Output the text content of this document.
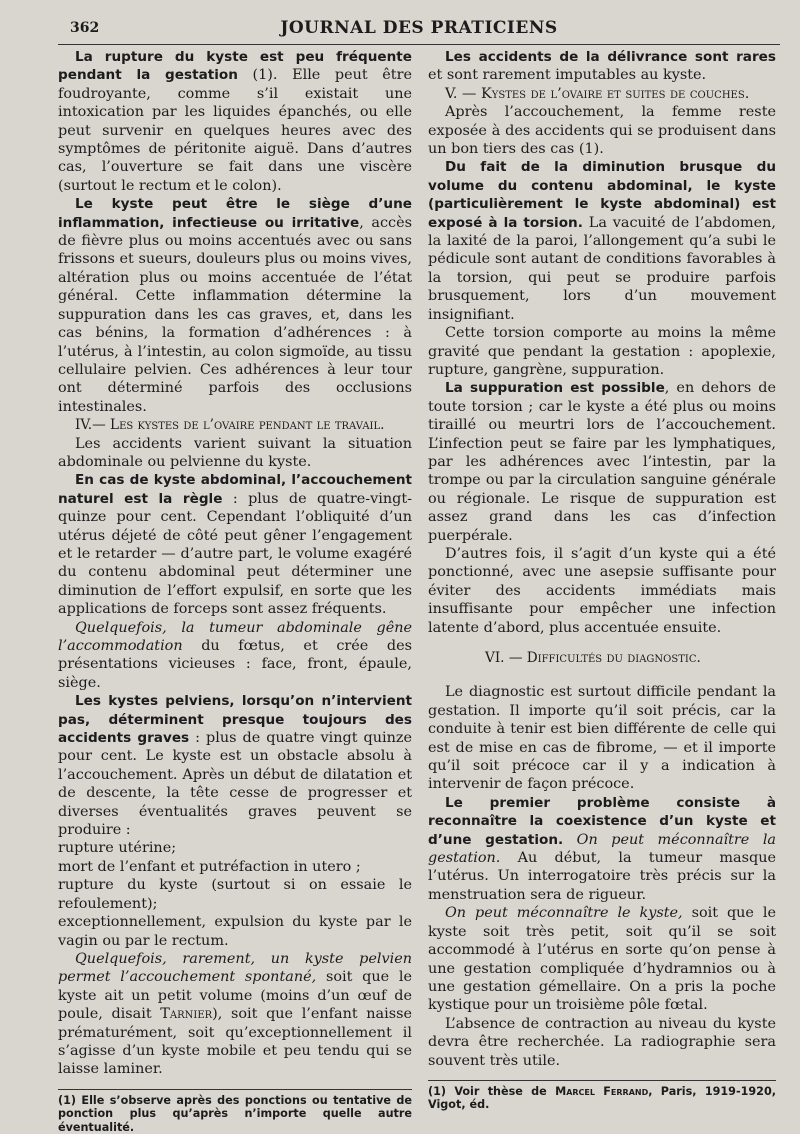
362	JOURNAL DES PRATICIENS

La rupture du kyste est peu fréquente pendant la gestation (1). Elle peut être foudroyante, comme s’il existait une intoxication par les liquides épanchés, ou elle peut survenir en quelques heures avec des symptômes de péritonite aiguë. Dans d’autres cas, l’ouverture se fait dans une viscère (surtout le rectum et le colon).

Le kyste peut être le siège d’une inflammation, infectieuse ou irritative, accès de fièvre plus ou moins accentués avec ou sans frissons et sueurs, douleurs plus ou moins vives, altération plus ou moins accentuée de l’état général. Cette inflammation détermine la suppuration dans les cas graves, et, dans les cas bénins, la formation d’adhérences : à l’utérus, à l’intestin, au colon sigmoïde, au tissu cellulaire pelvien. Ces adhérences à leur tour ont déterminé parfois des occlusions intestinales.

IV.— Les kystes de l’ovaire pendant le travail.

Les accidents varient suivant la situation abdominale ou pelvienne du kyste.

En cas de kyste abdominal, l’accouchement naturel est la règle : plus de quatre-vingt-quinze pour cent. Cependant l’obliquité d’un utérus déjeté de côté peut gêner l’engagement et le retarder — d’autre part, le volume exagéré du contenu abdominal peut déterminer une diminution de l’effort expulsif, en sorte que les applications de forceps sont assez fréquents.

Quelquefois, la tumeur abdominale gêne l’accommodation du fœtus, et crée des présentations vicieuses : face, front, épaule, siège.

Les kystes pelviens, lorsqu’on n’intervient pas, déterminent presque toujours des accidents graves : plus de quatre vingt quinze pour cent. Le kyste est un obstacle absolu à l’accouchement. Après un début de dilatation et de descente, la tête cesse de progresser et diverses éventualités graves peuvent se produire :

rupture utérine;

mort de l’enfant et putréfaction in utero ;

rupture du kyste (surtout si on essaie le refoulement);

exceptionnellement, expulsion du kyste par le vagin ou par le rectum.

Quelquefois, rarement, un kyste pelvien permet l’accouchement spontané, soit que le kyste ait un petit volume (moins d’un œuf de poule, disait Tarnier), soit que l’enfant naisse prématurément, soit qu’exceptionnellement il s’agisse d’un kyste mobile et peu tendu qui se laisse laminer.

(1) Elle s’observe après des ponctions ou tentative de ponction plus qu’après n’importe quelle autre éventualité.

Les accidents de la délivrance sont rares et sont rarement imputables au kyste.

V. — Kystes de l’ovaire et suites de couches.

Après l’accouchement, la femme reste exposée à des accidents qui se produisent dans un bon tiers des cas (1).

Du fait de la diminution brusque du volume du contenu abdominal, le kyste (particulièrement le kyste abdominal) est exposé à la torsion. La vacuité de l’abdomen, la laxité de la paroi, l’allongement qu’a subi le pédicule sont autant de conditions favorables à la torsion, qui peut se produire parfois brusquement, lors d’un mouvement insignifiant.

Cette torsion comporte au moins la même gravité que pendant la gestation : apoplexie, rupture, gangrène, suppuration.

La suppuration est possible, en dehors de toute torsion ; car le kyste a été plus ou moins tiraillé ou meurtri lors de l’accouchement. L’infection peut se faire par les lymphatiques, par les adhérences avec l’intestin, par la trompe ou par la circulation sanguine générale ou régionale. Le risque de suppuration est assez grand dans les cas d’infection puerpérale.

D’autres fois, il s’agit d’un kyste qui a été ponctionné, avec une asepsie suffisante pour éviter des accidents immédiats mais insuffisante pour empêcher une infection latente d’abord, plus accentuée ensuite.

VI. — Difficultés du diagnostic.

Le diagnostic est surtout difficile pendant la gestation. Il importe qu’il soit précis, car la conduite à tenir est bien différente de celle qui est de mise en cas de fibrome, — et il importe qu’il soit précoce car il y a indication à intervenir de façon précoce.

Le premier problème consiste à reconnaître la coexistence d’un kyste et d’une gestation. On peut méconnaître la gestation. Au début, la tumeur masque l’utérus. Un interrogatoire très précis sur la menstruation sera de rigueur.

On peut méconnaître le kyste, soit que le kyste soit très petit, soit qu’il se soit accommodé à l’utérus en sorte qu’on pense à une gestation compliquée d’hydramnios ou à une gestation gémellaire. On a pris la poche kystique pour un troisième pôle fœtal.

L’absence de contraction au niveau du kyste devra être recherchée. La radiographie sera souvent très utile.

(1) Voir thèse de Marcel Ferrand, Paris, 1919-1920, Vigot, éd.
